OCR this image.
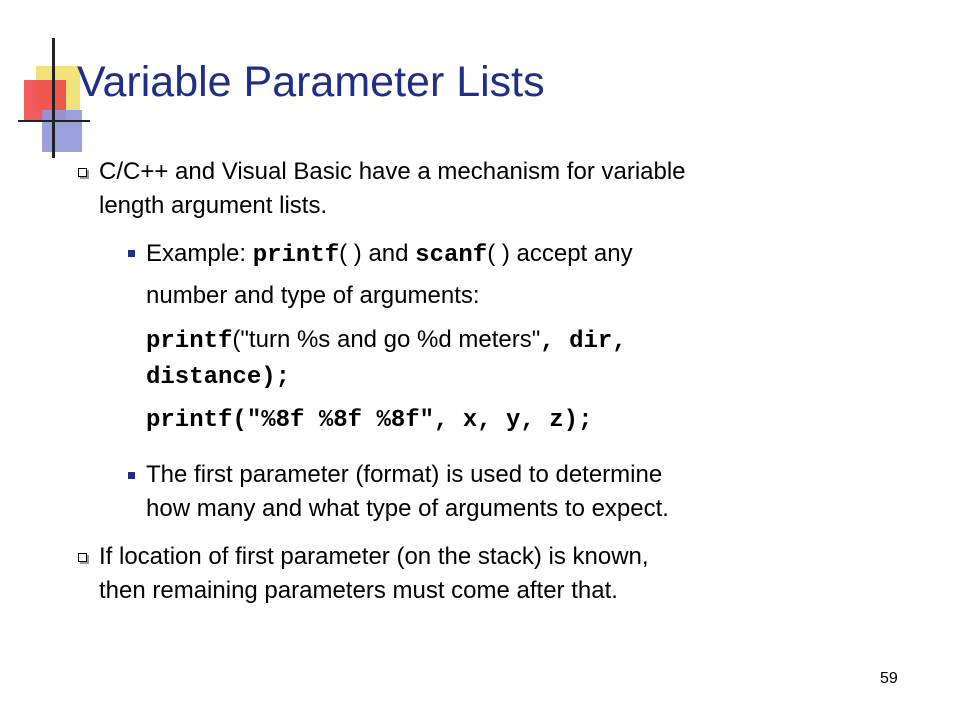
Variable Parameter Lists
C/C++ and Visual Basic have a mechanism for variable
length argument lists.
Example: printf( ) and scanf( ) accept any
number and type of arguments:
printf("turn %s and go %d meters", dir,
distance);
printf("%8f %8f %8f", x, y, z);
The first parameter (format) is used to determine
how many and what type of arguments to expect.
If location of first parameter (on the stack) is known,
then remaining parameters must come after that.
59
